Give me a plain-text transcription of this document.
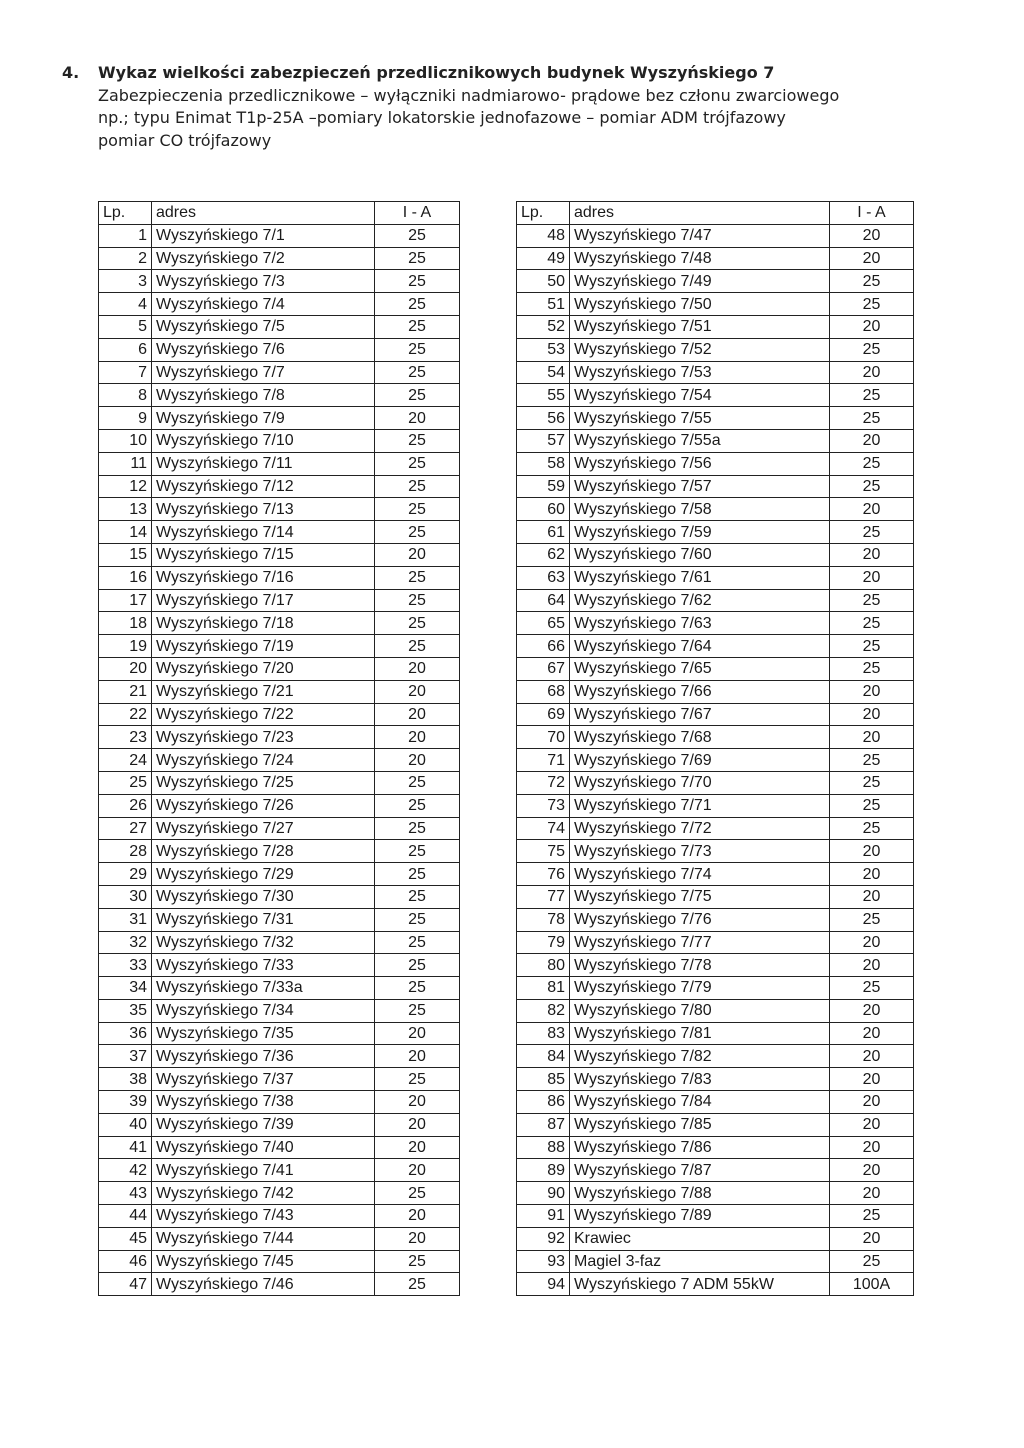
4. Wykaz wielkości zabezpieczeń przedlicznikowych budynek Wyszyńskiego 7
Zabezpieczenia przedlicznikowe – wyłączniki nadmiarowo- prądowe bez członu zwarciowego
np.; typu Enimat T1p-25A –pomiary lokatorskie jednofazowe – pomiar ADM trójfazowy
pomiar CO trójfazowy
Lp.	adres	I - A
1	Wyszyńskiego 7/1	25
2	Wyszyńskiego 7/2	25
3	Wyszyńskiego 7/3	25
4	Wyszyńskiego 7/4	25
5	Wyszyńskiego 7/5	25
6	Wyszyńskiego 7/6	25
7	Wyszyńskiego 7/7	25
8	Wyszyńskiego 7/8	25
9	Wyszyńskiego 7/9	20
10	Wyszyńskiego 7/10	25
11	Wyszyńskiego 7/11	25
12	Wyszyńskiego 7/12	25
13	Wyszyńskiego 7/13	25
14	Wyszyńskiego 7/14	25
15	Wyszyńskiego 7/15	20
16	Wyszyńskiego 7/16	25
17	Wyszyńskiego 7/17	25
18	Wyszyńskiego 7/18	25
19	Wyszyńskiego 7/19	25
20	Wyszyńskiego 7/20	20
21	Wyszyńskiego 7/21	20
22	Wyszyńskiego 7/22	20
23	Wyszyńskiego 7/23	20
24	Wyszyńskiego 7/24	20
25	Wyszyńskiego 7/25	25
26	Wyszyńskiego 7/26	25
27	Wyszyńskiego 7/27	25
28	Wyszyńskiego 7/28	25
29	Wyszyńskiego 7/29	25
30	Wyszyńskiego 7/30	25
31	Wyszyńskiego 7/31	25
32	Wyszyńskiego 7/32	25
33	Wyszyńskiego 7/33	25
34	Wyszyńskiego 7/33a	25
35	Wyszyńskiego 7/34	25
36	Wyszyńskiego 7/35	20
37	Wyszyńskiego 7/36	20
38	Wyszyńskiego 7/37	25
39	Wyszyńskiego 7/38	20
40	Wyszyńskiego 7/39	20
41	Wyszyńskiego 7/40	20
42	Wyszyńskiego 7/41	20
43	Wyszyńskiego 7/42	25
44	Wyszyńskiego 7/43	20
45	Wyszyńskiego 7/44	20
46	Wyszyńskiego 7/45	25
47	Wyszyńskiego 7/46	25
Lp.	adres	I - A
48	Wyszyńskiego 7/47	20
49	Wyszyńskiego 7/48	20
50	Wyszyńskiego 7/49	25
51	Wyszyńskiego 7/50	25
52	Wyszyńskiego 7/51	20
53	Wyszyńskiego 7/52	25
54	Wyszyńskiego 7/53	20
55	Wyszyńskiego 7/54	25
56	Wyszyńskiego 7/55	25
57	Wyszyńskiego 7/55a	20
58	Wyszyńskiego 7/56	25
59	Wyszyńskiego 7/57	25
60	Wyszyńskiego 7/58	20
61	Wyszyńskiego 7/59	25
62	Wyszyńskiego 7/60	20
63	Wyszyńskiego 7/61	20
64	Wyszyńskiego 7/62	25
65	Wyszyńskiego 7/63	25
66	Wyszyńskiego 7/64	25
67	Wyszyńskiego 7/65	25
68	Wyszyńskiego 7/66	20
69	Wyszyńskiego 7/67	20
70	Wyszyńskiego 7/68	20
71	Wyszyńskiego 7/69	25
72	Wyszyńskiego 7/70	25
73	Wyszyńskiego 7/71	25
74	Wyszyńskiego 7/72	25
75	Wyszyńskiego 7/73	20
76	Wyszyńskiego 7/74	20
77	Wyszyńskiego 7/75	20
78	Wyszyńskiego 7/76	25
79	Wyszyńskiego 7/77	20
80	Wyszyńskiego 7/78	20
81	Wyszyńskiego 7/79	25
82	Wyszyńskiego 7/80	20
83	Wyszyńskiego 7/81	20
84	Wyszyńskiego 7/82	20
85	Wyszyńskiego 7/83	20
86	Wyszyńskiego 7/84	20
87	Wyszyńskiego 7/85	20
88	Wyszyńskiego 7/86	20
89	Wyszyńskiego 7/87	20
90	Wyszyńskiego 7/88	20
91	Wyszyńskiego 7/89	25
92	Krawiec	20
93	Magiel 3-faz	25
94	Wyszyńskiego 7 ADM 55kW	100A
